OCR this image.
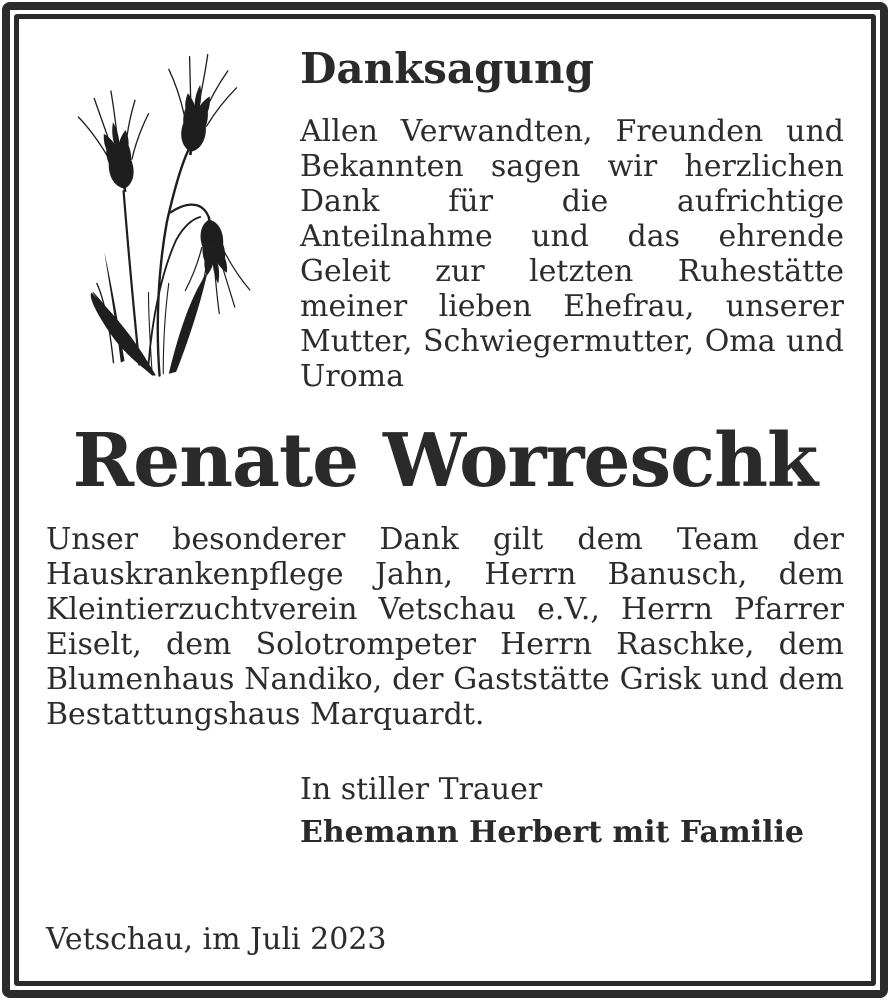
Danksagung

Allen Verwandten, Freunden und Bekannten sagen wir herzlichen Dank für die aufrichtige Anteilnahme und das ehrende Geleit zur letzten Ruhestätte meiner lieben Ehefrau, unserer Mutter, Schwiegermutter, Oma und Uroma

Renate Worreschk

Unser besonderer Dank gilt dem Team der Hauskrankenpflege Jahn, Herrn Banusch, dem Kleintierzuchtverein Vetschau e.V., Herrn Pfarrer Eiselt, dem Solotrompeter Herrn Raschke, dem Blumenhaus Nandiko, der Gaststätte Grisk und dem Bestattungshaus Marquardt.

In stiller Trauer

Ehemann Herbert mit Familie

Vetschau, im Juli 2023
